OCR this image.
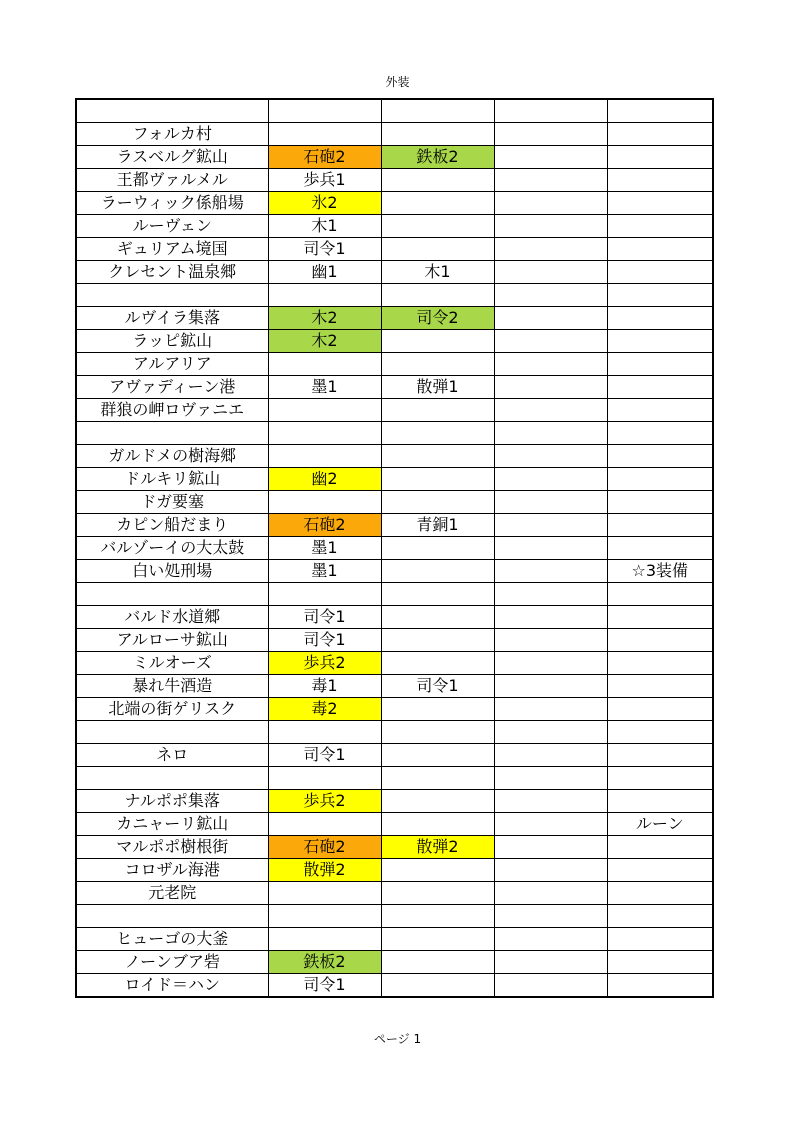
外装

フォルカ村				
ラスベルグ鉱山	石砲2	鉄板2		
王都ヴァルメル	歩兵1			
ラーウィック係船場	氷2			
ルーヴェン	木1			
ギュリアム境国	司令1			
クレセント温泉郷	幽1	木1		

ルヴイラ集落	木2	司令2		
ラッピ鉱山	木2			
アルアリア				
アヴァディーン港	墨1	散弾1		
群狼の岬ロヴァニエ				

ガルドメの樹海郷				
ドルキリ鉱山	幽2			
ドガ要塞				
カピン船だまり	石砲2	青銅1		
バルゾーイの大太鼓	墨1			
白い処刑場	墨1			☆3装備

バルド水道郷	司令1			
アルローサ鉱山	司令1			
ミルオーズ	歩兵2			
暴れ牛酒造	毒1	司令1		
北端の街ゲリスク	毒2			

ネロ	司令1			

ナルポポ集落	歩兵2			
カニャーリ鉱山				ルーン
マルポポ樹根街	石砲2	散弾2		
コロザル海港	散弾2			
元老院				

ヒューゴの大釜				
ノーンブア砦	鉄板2			
ロイド＝ハン	司令1			
ページ 1
